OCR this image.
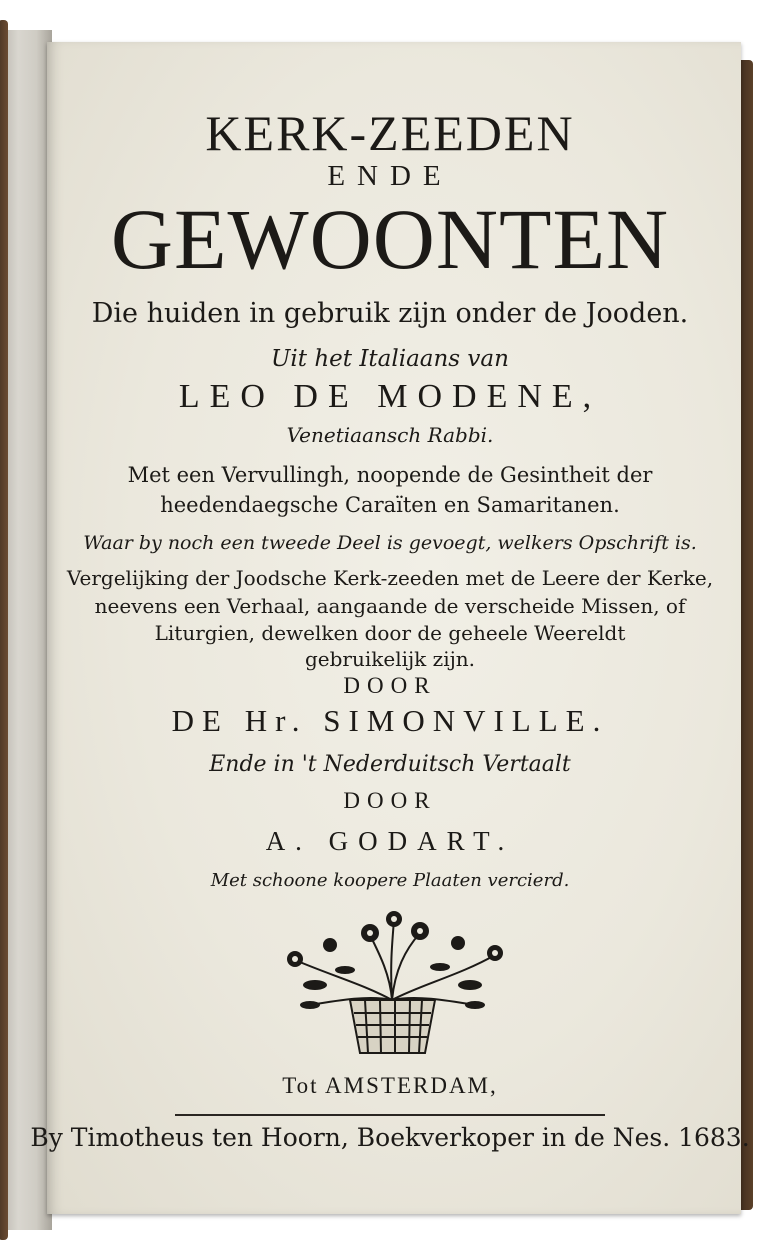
KERK-ZEEDEN
ENDE
GEWOONTEN
Die huiden in gebruik zijn onder de Jooden.
Uit het Italiaans van
LEO DE MODENE,
Venetiaansch Rabbi.
Met een Vervullingh, noopende de Gesintheit der
heedendaegsche Caraïten en Samaritanen.
Waar by noch een tweede Deel is gevoegt, welkers Opschrift is.
Vergelijking der Joodsche Kerk-zeeden met de Leere der Kerke,
neevens een Verhaal, aangaande de verscheide Missen, of
Liturgien, dewelken door de geheele Weereldt
gebruikelijk zijn.
DOOR
DE Hr. SIMONVILLE.
Ende in 't Nederduitsch Vertaalt
DOOR
A. GODART.
Met schoone koopere Plaaten vercierd.
Tot AMSTERDAM,
By Timotheus ten Hoorn, Boekverkoper in de Nes. 1683.
